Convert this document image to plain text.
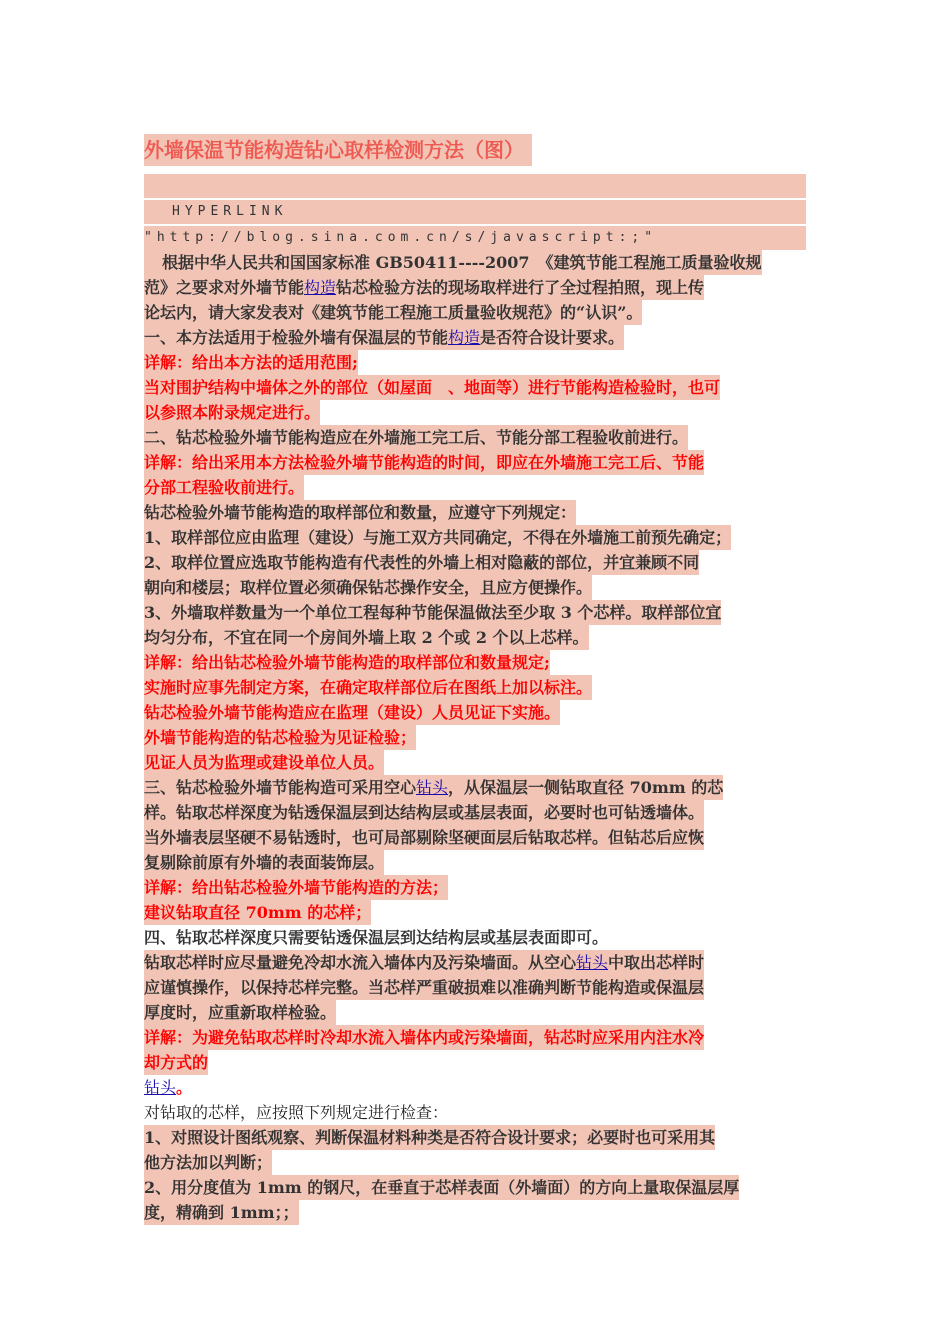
外墙保温节能构造钻心取样检测方法（图）
HYPERLINK
"http://blog.sina.com.cn/s/javascript:;"
根据中华人民共和国国家标准 GB50411----2007　《建筑节能工程施工质量验收规
范》之要求对外墙节能构造钻芯检验方法的现场取样进行了全过程拍照，现上传
论坛内，请大家发表对《建筑节能工程施工质量验收规范》的“认识”。
一、本方法适用于检验外墙有保温层的节能构造是否符合设计要求。
详解：给出本方法的适用范围;
当对围护结构中墙体之外的部位（如屋面　、地面等）进行节能构造检验时，也可
以参照本附录规定进行。
二、钻芯检验外墙节能构造应在外墙施工完工后、节能分部工程验收前进行。
详解：给出采用本方法检验外墙节能构造的时间，即应在外墙施工完工后、节能
分部工程验收前进行。
钻芯检验外墙节能构造的取样部位和数量，应遵守下列规定：
1、取样部位应由监理（建设）与施工双方共同确定，不得在外墙施工前预先确定；
2、取样位置应选取节能构造有代表性的外墙上相对隐蔽的部位，并宜兼顾不同
朝向和楼层；取样位置必须确保钻芯操作安全，且应方便操作。
3、外墙取样数量为一个单位工程每种节能保温做法至少取 3 个芯样。取样部位宜
均匀分布，不宜在同一个房间外墙上取 2 个或 2 个以上芯样。
详解：给出钻芯检验外墙节能构造的取样部位和数量规定;
实施时应事先制定方案，在确定取样部位后在图纸上加以标注。
钻芯检验外墙节能构造应在监理（建设）人员见证下实施。
外墙节能构造的钻芯检验为见证检验；
见证人员为监理或建设单位人员。
三、钻芯检验外墙节能构造可采用空心钻头，从保温层一侧钻取直径 70mm 的芯
样。钻取芯样深度为钻透保温层到达结构层或基层表面，必要时也可钻透墙体。
当外墙表层坚硬不易钻透时，也可局部剔除坚硬面层后钻取芯样。但钻芯后应恢
复剔除前原有外墙的表面装饰层。
详解：给出钻芯检验外墙节能构造的方法；
建议钻取直径 70mm 的芯样；
四、钻取芯样深度只需要钻透保温层到达结构层或基层表面即可。
钻取芯样时应尽量避免冷却水流入墙体内及污染墙面。从空心钻头中取出芯样时
应谨慎操作，以保持芯样完整。当芯样严重破损难以准确判断节能构造或保温层
厚度时，应重新取样检验。
详解：为避免钻取芯样时冷却水流入墙体内或污染墙面，钻芯时应采用内注水冷
却方式的
钻头。
对钻取的芯样，应按照下列规定进行检查：
1、对照设计图纸观察、判断保温材料种类是否符合设计要求；必要时也可采用其
他方法加以判断；
2、用分度值为 1mm 的钢尺，在垂直于芯样表面（外墙面）的方向上量取保温层厚
度，精确到 1mm；；
